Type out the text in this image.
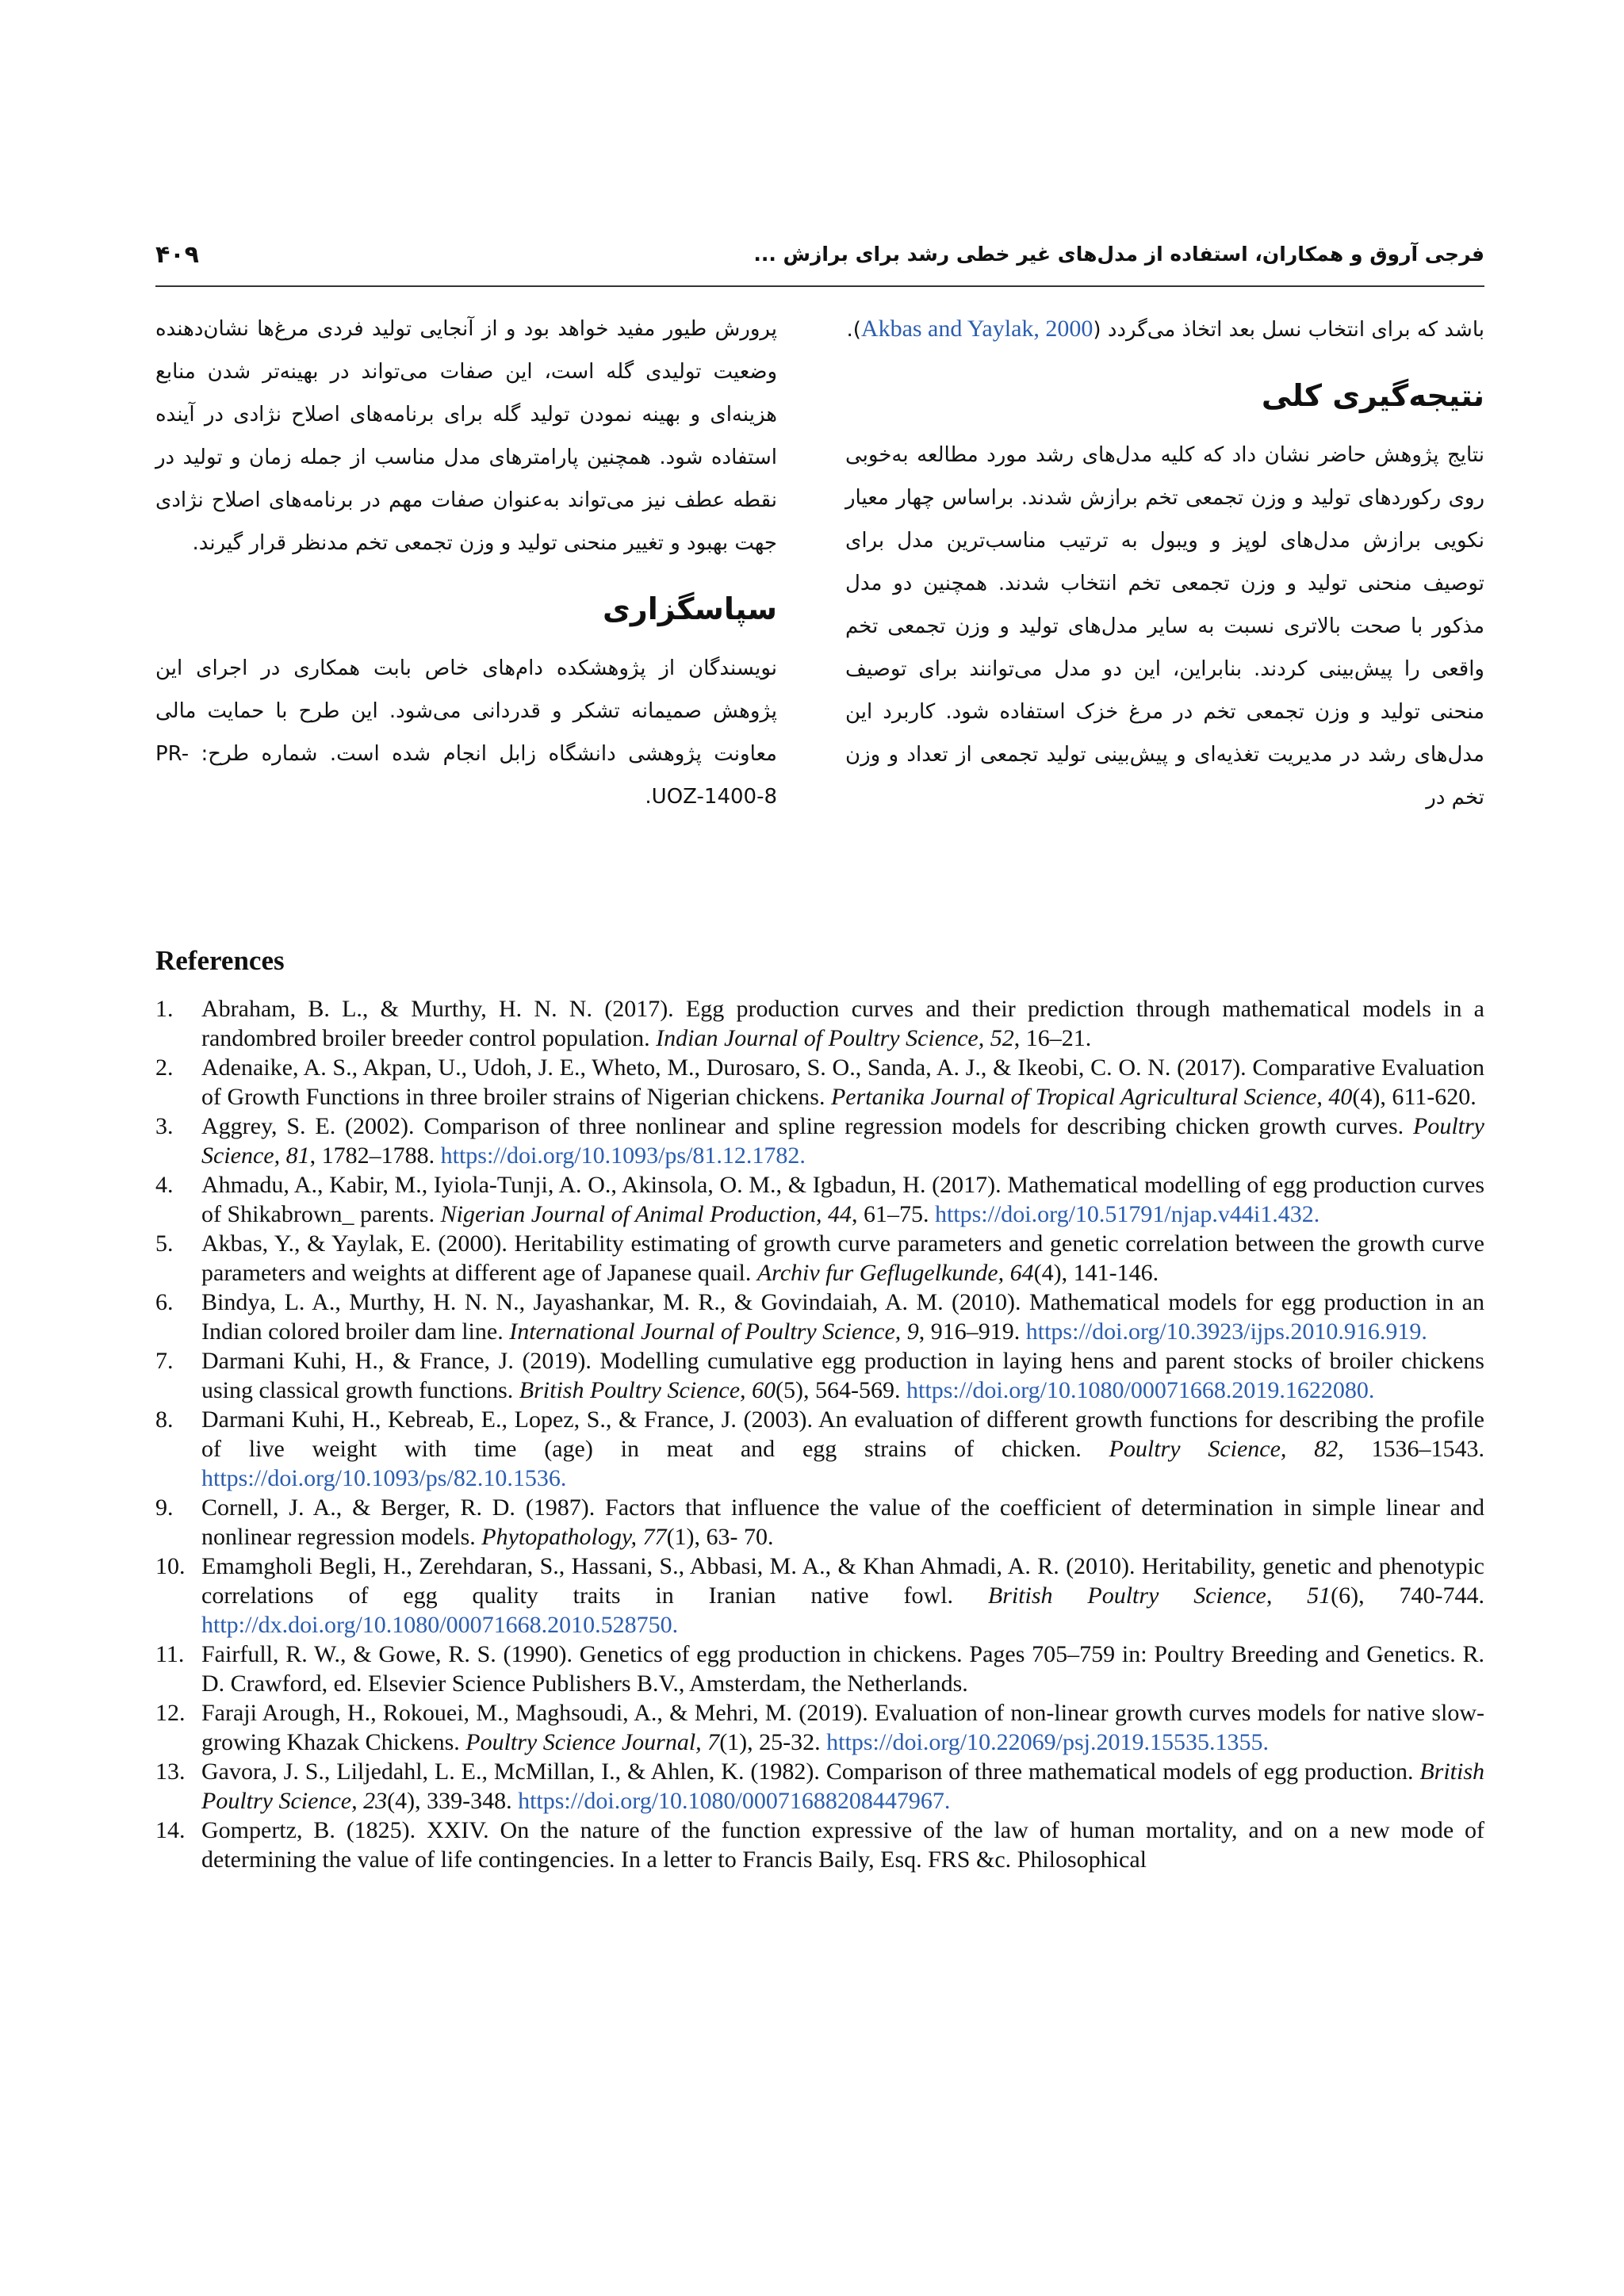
۴۰۹	فرجی آروق و همکاران، استفاده از مدل‌های غیر خطی رشد برای برازش ...

باشد که برای انتخاب نسل بعد اتخاذ می‌گردد (Akbas and Yaylak, 2000).

نتیجه‌گیری کلی

نتایج پژوهش حاضر نشان داد که کلیه مدل‌های رشد مورد مطالعه به‌خوبی روی رکوردهای تولید و وزن تجمعی تخم برازش شدند. براساس چهار معیار نکویی برازش مدل‌های لوپز و ویبول به ترتیب مناسب‌ترین مدل برای توصیف منحنی تولید و وزن تجمعی تخم انتخاب شدند. همچنین دو مدل مذکور با صحت بالاتری نسبت به سایر مدل‌های تولید و وزن تجمعی تخم واقعی را پیش‌بینی کردند. بنابراین، این دو مدل می‌توانند برای توصیف منحنی تولید و وزن تجمعی تخم در مرغ خزک استفاده شود. کاربرد این مدل‌های رشد در مدیریت تغذیه‌ای و پیش‌بینی تولید تجمعی از تعداد و وزن تخم در

پرورش طیور مفید خواهد بود و از آنجایی تولید فردی مرغ‌ها نشان‌دهنده وضعیت تولیدی گله است، این صفات می‌تواند در بهینه‌تر شدن منابع هزینه‌ای و بهینه نمودن تولید گله برای برنامه‌های اصلاح نژادی در آینده استفاده شود. همچنین پارامترهای مدل مناسب از جمله زمان و تولید در نقطه عطف نیز می‌تواند به‌عنوان صفات مهم در برنامه‌های اصلاح نژادی جهت بهبود و تغییر منحنی تولید و وزن تجمعی تخم مدنظر قرار گیرند.

سپاسگزاری

نویسندگان از پژوهشکده دام‌های خاص بابت همکاری در اجرای این پژوهش صمیمانه تشکر و قدردانی می‌شود. این طرح با حمایت مالی معاونت پژوهشی دانشگاه زابل انجام شده است. شماره طرح: PR-UOZ-1400-8.

References
1. Abraham, B. L., & Murthy, H. N. N. (2017). Egg production curves and their prediction through mathematical models in a randombred broiler breeder control population. Indian Journal of Poultry Science, 52, 16–21.
2. Adenaike, A. S., Akpan, U., Udoh, J. E., Wheto, M., Durosaro, S. O., Sanda, A. J., & Ikeobi, C. O. N. (2017). Comparative Evaluation of Growth Functions in three broiler strains of Nigerian chickens. Pertanika Journal of Tropical Agricultural Science, 40(4), 611-620.
3. Aggrey, S. E. (2002). Comparison of three nonlinear and spline regression models for describing chicken growth curves. Poultry Science, 81, 1782–1788. https://doi.org/10.1093/ps/81.12.1782.
4. Ahmadu, A., Kabir, M., Iyiola-Tunji, A. O., Akinsola, O. M., & Igbadun, H. (2017). Mathematical modelling of egg production curves of Shikabrown_ parents. Nigerian Journal of Animal Production, 44, 61–75. https://doi.org/10.51791/njap.v44i1.432.
5. Akbas, Y., & Yaylak, E. (2000). Heritability estimating of growth curve parameters and genetic correlation between the growth curve parameters and weights at different age of Japanese quail. Archiv fur Geflugelkunde, 64(4), 141-146.
6. Bindya, L. A., Murthy, H. N. N., Jayashankar, M. R., & Govindaiah, A. M. (2010). Mathematical models for egg production in an Indian colored broiler dam line. International Journal of Poultry Science, 9, 916–919. https://doi.org/10.3923/ijps.2010.916.919.
7. Darmani Kuhi, H., & France, J. (2019). Modelling cumulative egg production in laying hens and parent stocks of broiler chickens using classical growth functions. British Poultry Science, 60(5), 564-569. https://doi.org/10.1080/00071668.2019.1622080.
8. Darmani Kuhi, H., Kebreab, E., Lopez, S., & France, J. (2003). An evaluation of different growth functions for describing the profile of live weight with time (age) in meat and egg strains of chicken. Poultry Science, 82, 1536–1543. https://doi.org/10.1093/ps/82.10.1536.
9. Cornell, J. A., & Berger, R. D. (1987). Factors that influence the value of the coefficient of determination in simple linear and nonlinear regression models. Phytopathology, 77(1), 63- 70.
10. Emamgholi Begli, H., Zerehdaran, S., Hassani, S., Abbasi, M. A., & Khan Ahmadi, A. R. (2010). Heritability, genetic and phenotypic correlations of egg quality traits in Iranian native fowl. British Poultry Science, 51(6), 740-744. http://dx.doi.org/10.1080/00071668.2010.528750.
11. Fairfull, R. W., & Gowe, R. S. (1990). Genetics of egg production in chickens. Pages 705–759 in: Poultry Breeding and Genetics. R. D. Crawford, ed. Elsevier Science Publishers B.V., Amsterdam, the Netherlands.
12. Faraji Arough, H., Rokouei, M., Maghsoudi, A., & Mehri, M. (2019). Evaluation of non-linear growth curves models for native slow-growing Khazak Chickens. Poultry Science Journal, 7(1), 25-32. https://doi.org/10.22069/psj.2019.15535.1355.
13. Gavora, J. S., Liljedahl, L. E., McMillan, I., & Ahlen, K. (1982). Comparison of three mathematical models of egg production. British Poultry Science, 23(4), 339-348. https://doi.org/10.1080/00071688208447967.
14. Gompertz, B. (1825). XXIV. On the nature of the function expressive of the law of human mortality, and on a new mode of determining the value of life contingencies. In a letter to Francis Baily, Esq. FRS &c. Philosophical
